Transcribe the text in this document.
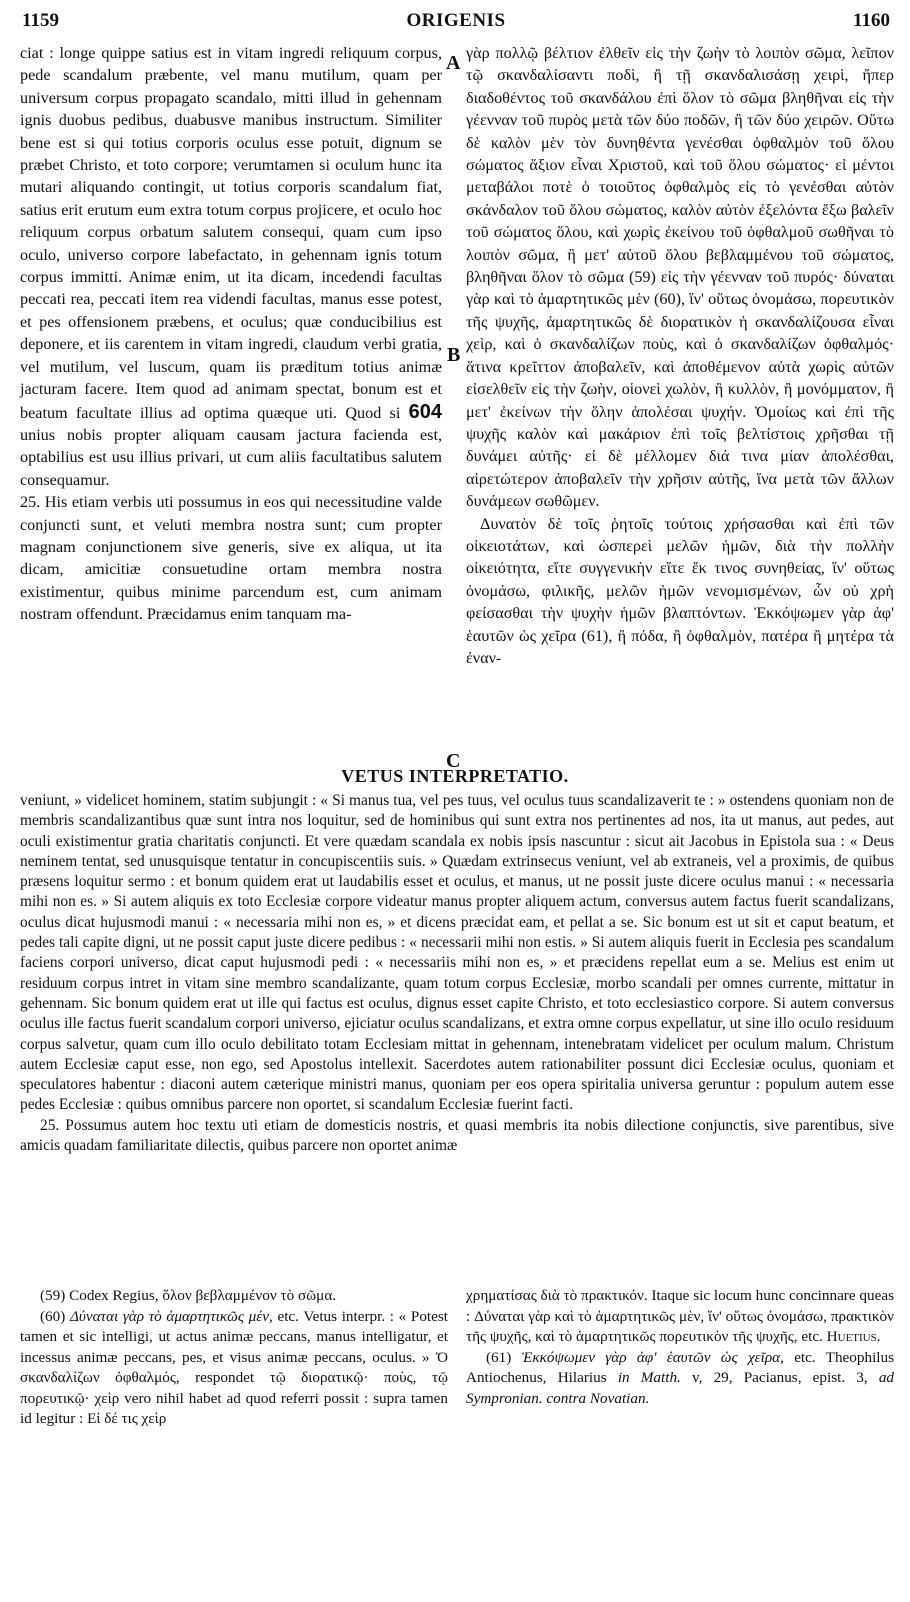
1159	ORIGENIS	1160

ciat : longe quippe satius est in vitam ingredi reliquum corpus, pede scandalum præbente, vel manu mutilum, quam per universum corpus propagato scandalo, mitti illud in gehennam ignis duobus pedibus, duabusve manibus instructum. Similiter bene est si qui totius corporis oculus esse potuit, dignum se præbet Christo, et toto corpore; verumtamen si oculum hunc ita mutari aliquando contingit, ut totius corporis scandalum fiat, satius erit erutum eum extra totum corpus projicere, et oculo hoc reliquum corpus orbatum salutem consequi, quam cum ipso oculo, universo corpore labefactato, in gehennam ignis totum corpus immitti. Animæ enim, ut ita dicam, incedendi facultas peccati rea, peccati item rea videndi facultas, manus esse potest, et pes offensionem præbens, et oculus; quæ conducibilius est deponere, et iis carentem in vitam ingredi, claudum verbi gratia, vel mutilum, vel luscum, quam iis præditum totius animæ jacturam facere. Item quod ad animam spectat, bonum est et beatum facultate illius ad optima quæque uti. Quod si 604 unius nobis propter aliquam causam jactura facienda est, optabilius est usu illius privari, ut cum aliis facultatibus salutem consequamur.

25. His etiam verbis uti possumus in eos qui necessitudine valde conjuncti sunt, et veluti membra nostra sunt; cum propter magnam conjunctionem sive generis, sive ex aliqua, ut ita dicam, amicitiæ consuetudine ortam membra nostra existimentur, quibus minime parcendum est, cum animam nostram offendunt. Præcidamus enim tanquam ma-

A
B
C

γὰρ πολλῷ βέλτιον ἐλθεῖν εἰς τὴν ζωὴν τὸ λοιπὸν σῶμα, λεῖπον τῷ σκανδαλίσαντι ποδὶ, ἢ τῇ σκανδαλισάσῃ χειρὶ, ἤπερ διαδοθέντος τοῦ σκανδάλου ἐπὶ ὅλον τὸ σῶμα βληθῆναι εἰς τὴν γέενναν τοῦ πυρὸς μετὰ τῶν δύο ποδῶν, ἢ τῶν δύο χειρῶν. Οὕτω δὲ καλὸν μὲν τὸν δυνηθέντα γενέσθαι ὀφθαλμὸν τοῦ ὅλου σώματος ἄξιον εἶναι Χριστοῦ, καὶ τοῦ ὅλου σώματος· εἰ μέντοι μεταβάλοι ποτὲ ὁ τοιοῦτος ὀφθαλμὸς εἰς τὸ γενέσθαι αὐτὸν σκάνδαλον τοῦ ὅλου σώματος, καλὸν αὐτὸν ἐξελόντα ἔξω βαλεῖν τοῦ σώματος ὅλου, καὶ χωρὶς ἐκείνου τοῦ ὀφθαλμοῦ σωθῆναι τὸ λοιπὸν σῶμα, ἢ μετ' αὐτοῦ ὅλου βεβλαμμένου τοῦ σώματος, βληθῆναι ὅλον τὸ σῶμα (59) εἰς τὴν γέενναν τοῦ πυρός· δύναται γὰρ καὶ τὸ ἁμαρτητικῶς μὲν (60), ἵν' οὕτως ὀνομάσω, πορευτικὸν τῆς ψυχῆς, ἁμαρτητικῶς δὲ διορατικὸν ἡ σκανδαλίζουσα εἶναι χεὶρ, καὶ ὁ σκανδαλίζων ποὺς, καὶ ὁ σκανδαλίζων ὀφθαλμός· ἅτινα κρεῖττον ἀποβαλεῖν, καὶ ἀποθέμενον αὐτὰ χωρὶς αὐτῶν εἰσελθεῖν εἰς τὴν ζωὴν, οἱονεὶ χωλὸν, ἢ κυλλὸν, ἢ μονόμματον, ἢ μετ' ἐκείνων τὴν ὅλην ἀπολέσαι ψυχήν. Ὁμοίως καὶ ἐπὶ τῆς ψυχῆς καλὸν καὶ μακάριον ἐπὶ τοῖς βελτίστοις χρῆσθαι τῇ δυνάμει αὐτῆς· εἰ δὲ μέλλομεν διά τινα μίαν ἀπολέσθαι, αἱρετώτερον ἀποβαλεῖν τὴν χρῆσιν αὐτῆς, ἵνα μετὰ τῶν ἄλλων δυνάμεων σωθῶμεν.

Δυνατὸν δὲ τοῖς ῥητοῖς τούτοις χρήσασθαι καὶ ἐπὶ τῶν οἰκειοτάτων, καὶ ὡσπερεὶ μελῶν ἡμῶν, διὰ τὴν πολλὴν οἰκειότητα, εἴτε συγγενικὴν εἴτε ἔκ τινος συνηθείας, ἵν' οὕτως ὀνομάσω, φιλικῆς, μελῶν ἡμῶν νενομισμένων, ὧν οὐ χρὴ φείσασθαι τὴν ψυχὴν ἡμῶν βλαπτόντων. Ἐκκόψωμεν γὰρ ἀφ' ἑαυτῶν ὡς χεῖρα (61), ἢ πόδα, ἢ ὀφθαλμὸν, πατέρα ἢ μητέρα τὰ ἐναν-

VETUS INTERPRETATIO.

veniunt, » videlicet hominem, statim subjungit : « Si manus tua, vel pes tuus, vel oculus tuus scandalizaverit te : » ostendens quoniam non de membris scandalizantibus quæ sunt intra nos loquitur, sed de hominibus qui sunt extra nos pertinentes ad nos, ita ut manus, aut pedes, aut oculi existimentur gratia charitatis conjuncti. Et vere quædam scandala ex nobis ipsis nascuntur : sicut ait Jacobus in Epistola sua : « Deus neminem tentat, sed unusquisque tentatur in concupiscentiis suis. » Quædam extrinsecus veniunt, vel ab extraneis, vel a proximis, de quibus præsens loquitur sermo : et bonum quidem erat ut laudabilis esset et oculus, et manus, ut ne possit juste dicere oculus manui : « necessaria mihi non es. » Si autem aliquis ex toto Ecclesiæ corpore videatur manus propter aliquem actum, conversus autem factus fuerit scandalizans, oculus dicat hujusmodi manui : « necessaria mihi non es, » et dicens præcidat eam, et pellat a se. Sic bonum est ut sit et caput beatum, et pedes tali capite digni, ut ne possit caput juste dicere pedibus : « necessarii mihi non estis. » Si autem aliquis fuerit in Ecclesia pes scandalum faciens corpori universo, dicat caput hujusmodi pedi : « necessariis mihi non es, » et præcidens repellat eum a se. Melius est enim ut residuum corpus intret in vitam sine membro scandalizante, quam totum corpus Ecclesiæ, morbo scandali per omnes currente, mittatur in gehennam. Sic bonum quidem erat ut ille qui factus est oculus, dignus esset capite Christo, et toto ecclesiastico corpore. Si autem conversus oculus ille factus fuerit scandalum corpori universo, ejiciatur oculus scandalizans, et extra omne corpus expellatur, ut sine illo oculo residuum corpus salvetur, quam cum illo oculo debilitato totam Ecclesiam mittat in gehennam, intenebratam videlicet per oculum malum. Christum autem Ecclesiæ caput esse, non ego, sed Apostolus intellexit. Sacerdotes autem rationabiliter possunt dici Ecclesiæ oculus, quoniam et speculatores habentur : diaconi autem cæterique ministri manus, quoniam per eos opera spiritalia universa geruntur : populum autem esse pedes Ecclesiæ : quibus omnibus parcere non oportet, si scandalum Ecclesiæ fuerint facti.

25. Possumus autem hoc textu uti etiam de domesticis nostris, et quasi membris ita nobis dilectione conjunctis, sive parentibus, sive amicis quadam familiaritate dilectis, quibus parcere non oportet animæ

(59) Codex Regius, ὅλον βεβλαμμένον τὸ σῶμα.

(60) Δύναται γὰρ τὸ ἁμαρτητικῶς μέν, etc. Vetus interpr. : « Potest tamen et sic intelligi, ut actus animæ peccans, manus intelligatur, et incessus animæ peccans, pes, et visus animæ peccans, oculus. » Ὁ σκανδαλίζων ὀφθαλμός, respondet τῷ διορατικῷ· ποὺς, τῷ πορευτικῷ· χεὶρ vero nihil habet ad quod referri possit : supra tamen id legitur : Εἰ δέ τις χεὶρ

χρηματίσας διὰ τὸ πρακτικόν. Itaque sic locum hunc concinnare queas : Δύναται γὰρ καὶ τὸ ἁμαρτητικῶς μὲν, ἵν' οὕτως ὀνομάσω, πρακτικὸν τῆς ψυχῆς, καὶ τὸ ἁμαρτητικῶς πορευτικὸν τῆς ψυχῆς, etc. Huetius.

(61) Ἐκκόψωμεν γὰρ ἀφ' ἑαυτῶν ὡς χεῖρα, etc. Theophilus Antiochenus, Hilarius in Matth. v, 29, Pacianus, epist. 3, ad Sympronian. contra Novatian.
